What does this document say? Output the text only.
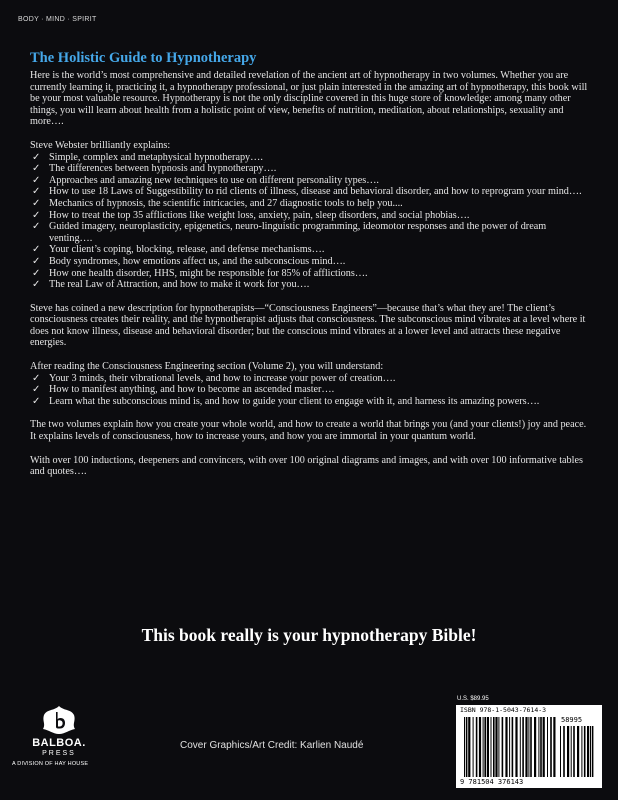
BODY · MIND · SPIRIT
The Holistic Guide to Hypnotherapy

Here is the world’s most comprehensive and detailed revelation of the ancient art of hypnotherapy in two volumes. Whether you are currently learning it, practicing it, a hypnotherapy professional, or just plain interested in the amazing art of hypnotherapy, this book will be your most valuable resource. Hypnotherapy is not the only discipline covered in this huge store of knowledge: among many other things, you will learn about health from a holistic point of view, benefits of nutrition, meditation, about relationships, sexuality and more….

Steve Webster brilliantly explains:

✓ Simple, complex and metaphysical hypnotherapy….
✓ The differences between hypnosis and hypnotherapy….
✓ Approaches and amazing new techniques to use on different personality types….
✓ How to use 18 Laws of Suggestibility to rid clients of illness, disease and behavioral disorder, and how to reprogram your mind….
✓ Mechanics of hypnosis, the scientific intricacies, and 27 diagnostic tools to help you....
✓ How to treat the top 35 afflictions like weight loss, anxiety, pain, sleep disorders, and social phobias….
✓ Guided imagery, neuroplasticity, epigenetics, neuro-linguistic programming, ideomotor responses and the power of dream venting….
✓ Your client’s coping, blocking, release, and defense mechanisms….
✓ Body syndromes, how emotions affect us, and the subconscious mind….
✓ How one health disorder, HHS, might be responsible for 85% of afflictions….
✓ The real Law of Attraction, and how to make it work for you….

Steve has coined a new description for hypnotherapists—“Consciousness Engineers”—because that’s what they are! The client’s consciousness creates their reality, and the hypnotherapist adjusts that consciousness. The subconscious mind vibrates at a level where it does not know illness, disease and behavioral disorder; but the conscious mind vibrates at a lower level and attracts these negative energies.

After reading the Consciousness Engineering section (Volume 2), you will understand:

✓ Your 3 minds, their vibrational levels, and how to increase your power of creation….
✓ How to manifest anything, and how to become an ascended master….
✓ Learn what the subconscious mind is, and how to guide your client to engage with it, and harness its amazing powers….

The two volumes explain how you create your whole world, and how to create a world that brings you (and your clients!) joy and peace. It explains levels of consciousness, how to increase yours, and how you are immortal in your quantum world.

With over 100 inductions, deepeners and convincers, with over 100 original diagrams and images, and with over 100 informative tables and quotes….

This book really is your hypnotherapy Bible!
BALBOA.
PRESS
A DIVISION OF HAY HOUSE
Cover Graphics/Art Credit: Karlien Naudé
U.S. $89.95
ISBN 978-1-5043-7614-3
58995
9 781504 376143
